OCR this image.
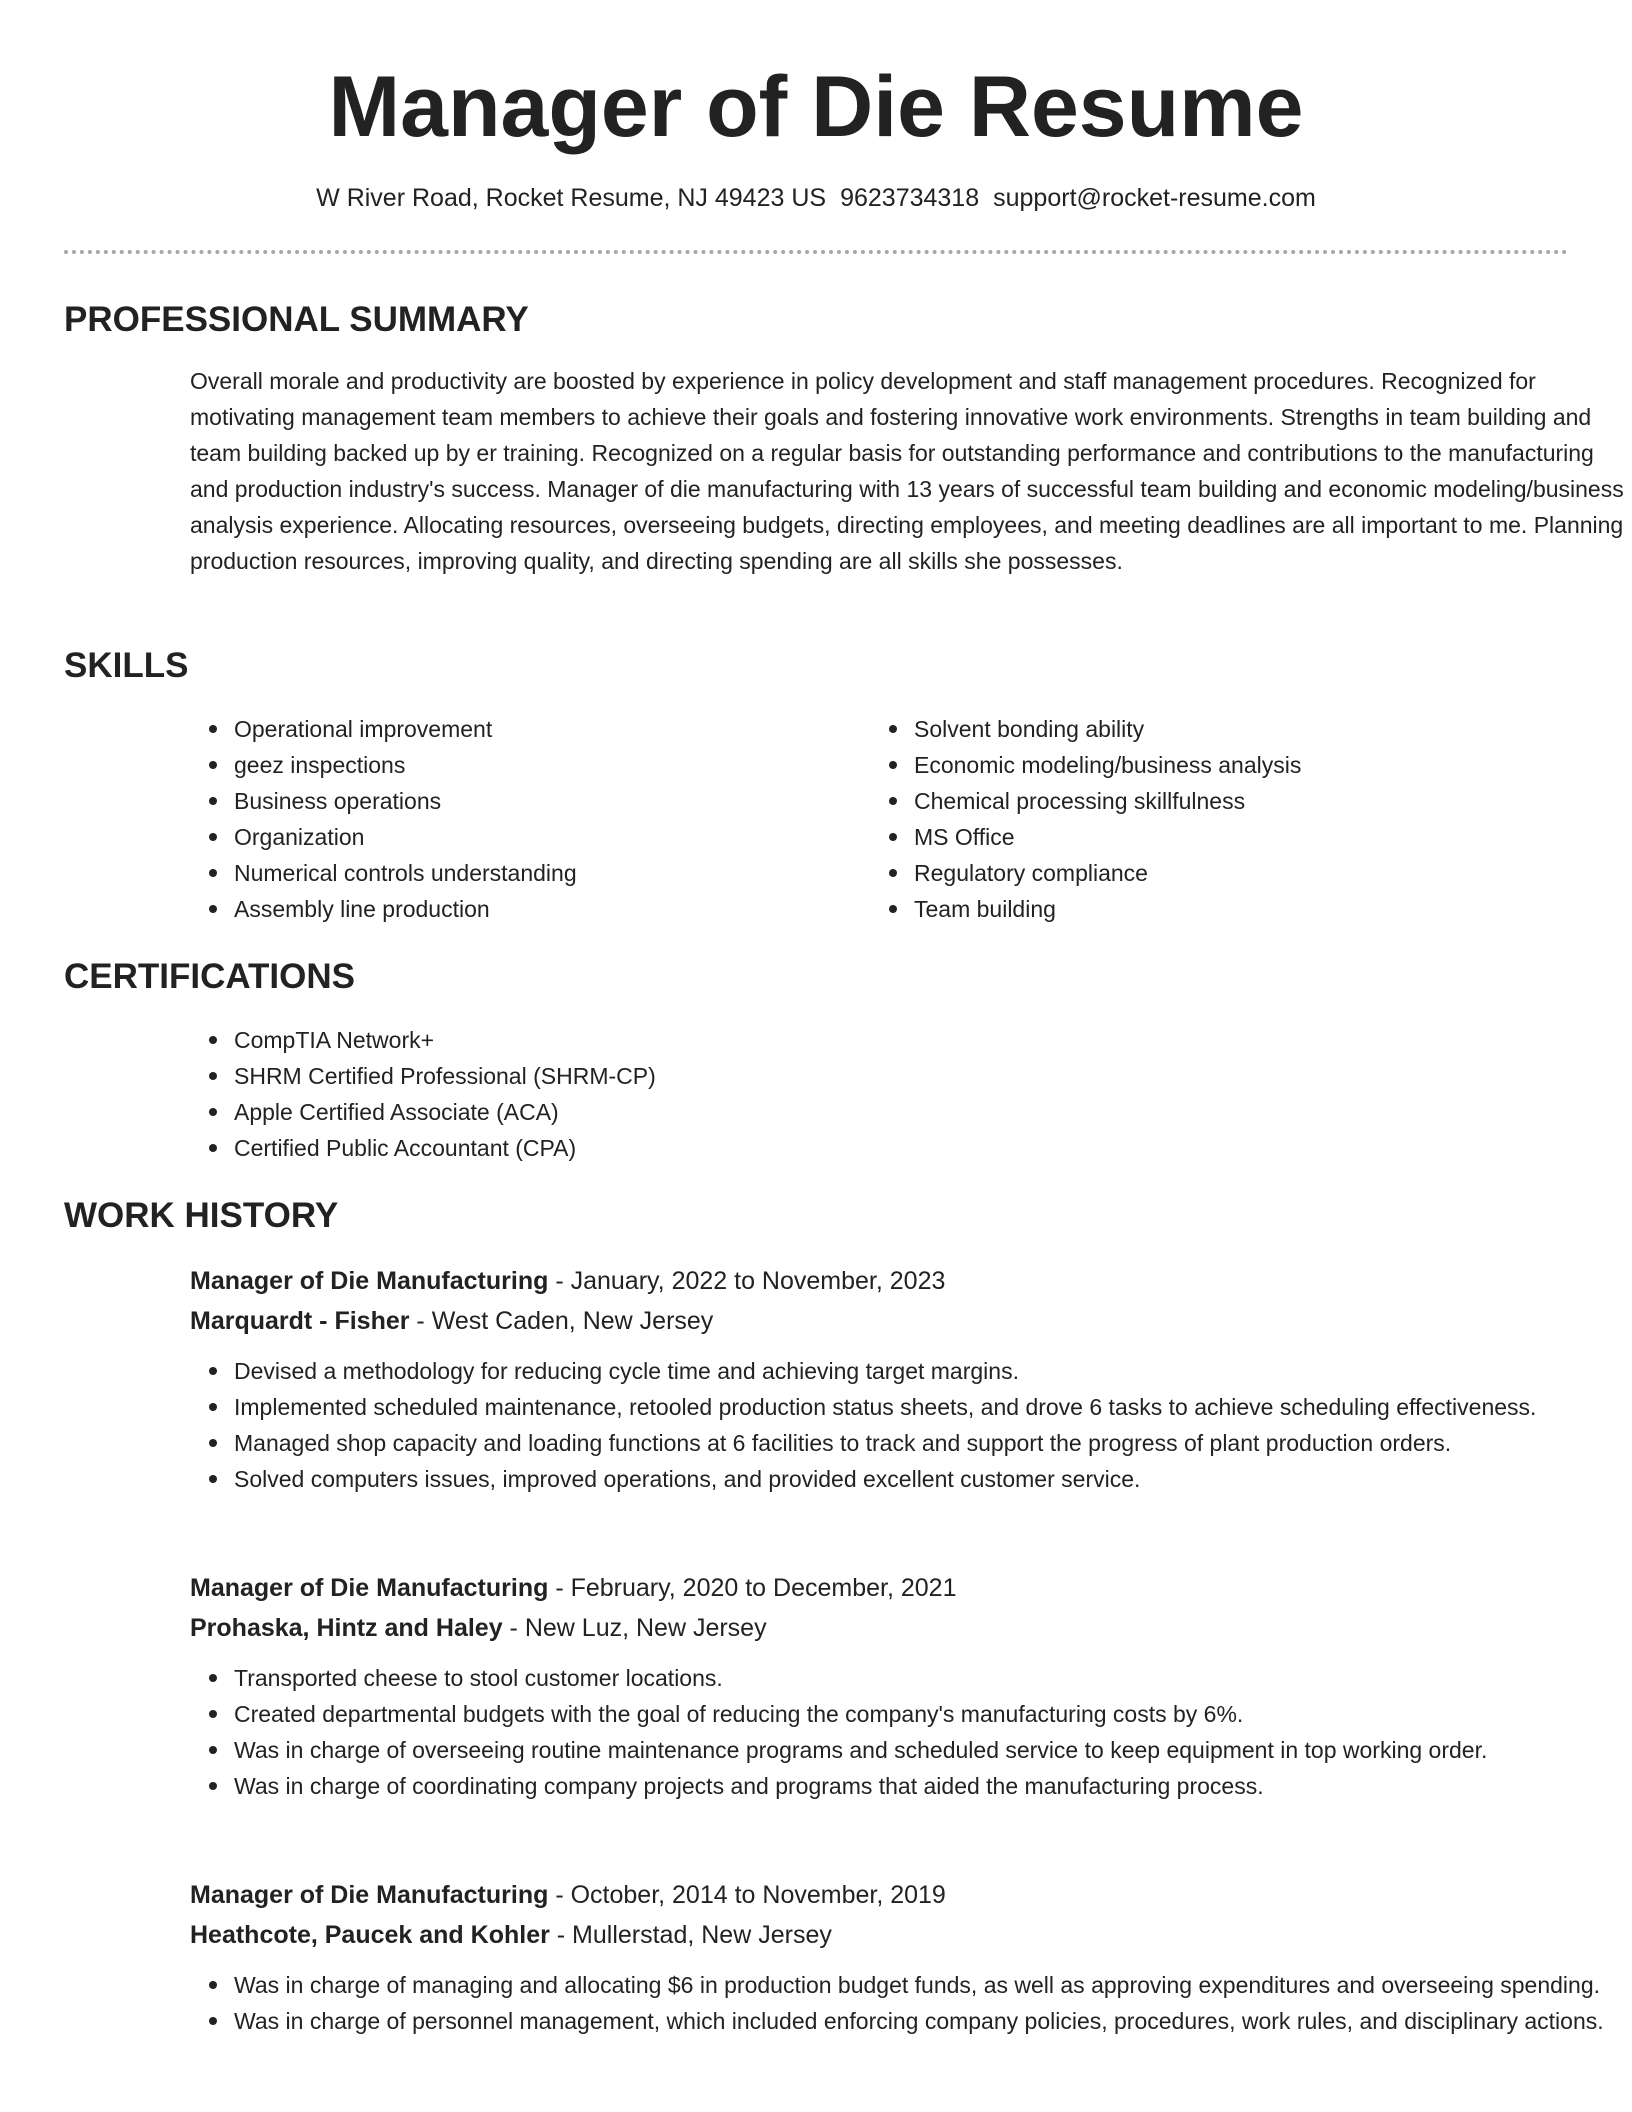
Manager of Die Resume
W River Road, Rocket Resume, NJ 49423 US 9623734318 support@rocket-resume.com
PROFESSIONAL SUMMARY

Overall morale and productivity are boosted by experience in policy development and staff management procedures. Recognized for motivating management team members to achieve their goals and fostering innovative work environments. Strengths in team building and team building backed up by er training. Recognized on a regular basis for outstanding performance and contributions to the manufacturing and production industry's success. Manager of die manufacturing with 13 years of successful team building and economic modeling/business analysis experience. Allocating resources, overseeing budgets, directing employees, and meeting deadlines are all important to me. Planning production resources, improving quality, and directing spending are all skills she possesses.

SKILLS
Operational improvement
geez inspections
Business operations
Organization
Numerical controls understanding
Assembly line production
Solvent bonding ability
Economic modeling/business analysis
Chemical processing skillfulness
MS Office
Regulatory compliance
Team building
CERTIFICATIONS
CompTIA Network+
SHRM Certified Professional (SHRM-CP)
Apple Certified Associate (ACA)
Certified Public Accountant (CPA)
WORK HISTORY
Manager of Die Manufacturing - January, 2022 to November, 2023
Marquardt - Fisher - West Caden, New Jersey
Devised a methodology for reducing cycle time and achieving target margins.
Implemented scheduled maintenance, retooled production status sheets, and drove 6 tasks to achieve scheduling effectiveness.
Managed shop capacity and loading functions at 6 facilities to track and support the progress of plant production orders.
Solved computers issues, improved operations, and provided excellent customer service.
Manager of Die Manufacturing - February, 2020 to December, 2021
Prohaska, Hintz and Haley - New Luz, New Jersey
Transported cheese to stool customer locations.
Created departmental budgets with the goal of reducing the company's manufacturing costs by 6%.
Was in charge of overseeing routine maintenance programs and scheduled service to keep equipment in top working order.
Was in charge of coordinating company projects and programs that aided the manufacturing process.
Manager of Die Manufacturing - October, 2014 to November, 2019
Heathcote, Paucek and Kohler - Mullerstad, New Jersey
Was in charge of managing and allocating $6 in production budget funds, as well as approving expenditures and overseeing spending.
Was in charge of personnel management, which included enforcing company policies, procedures, work rules, and disciplinary actions.
